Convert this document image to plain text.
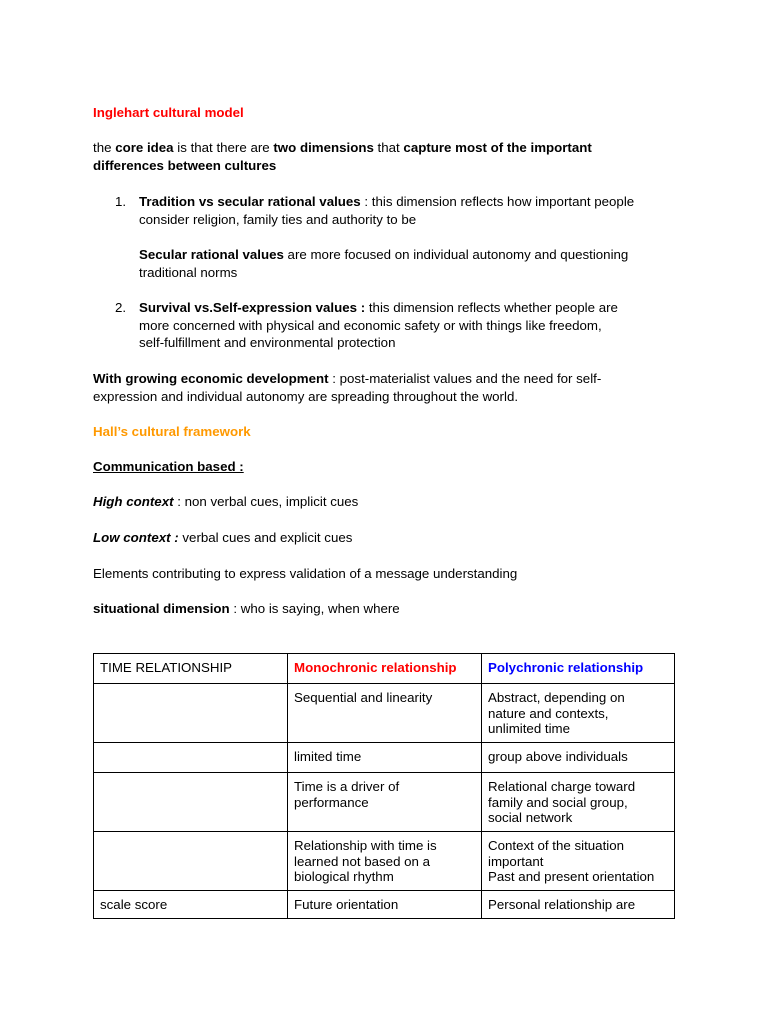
Inglehart cultural model

the core idea is that there are two dimensions that capture most of the important
differences between cultures
1. Tradition vs secular rational values : this dimension reflects how important people
consider religion, family ties and authority to be
Secular rational values are more focused on individual autonomy and questioning
traditional norms
2. Survival vs.Self-expression values : this dimension reflects whether people are
more concerned with physical and economic safety or with things like freedom,
self-fulfillment and environmental protection
With growing economic development : post-materialist values and the need for self-
expression and individual autonomy are spreading throughout the world.

Hall’s cultural framework

Communication based :

High context : non verbal cues, implicit cues

Low context : verbal cues and explicit cues

Elements contributing to express validation of a message understanding

situational dimension : who is saying, when where

TIME RELATIONSHIP	Monochronic relationship	Polychronic relationship

	Sequential and linearity	Abstract, depending on
nature and contexts,
unlimited time

	limited time	group above individuals

	Time is a driver of
performance	Relational charge toward
family and social group,
social network

	Relationship with time is
learned not based on a
biological rhythm	Context of the situation
important
Past and present orientation

scale score	Future orientation	Personal relationship are
